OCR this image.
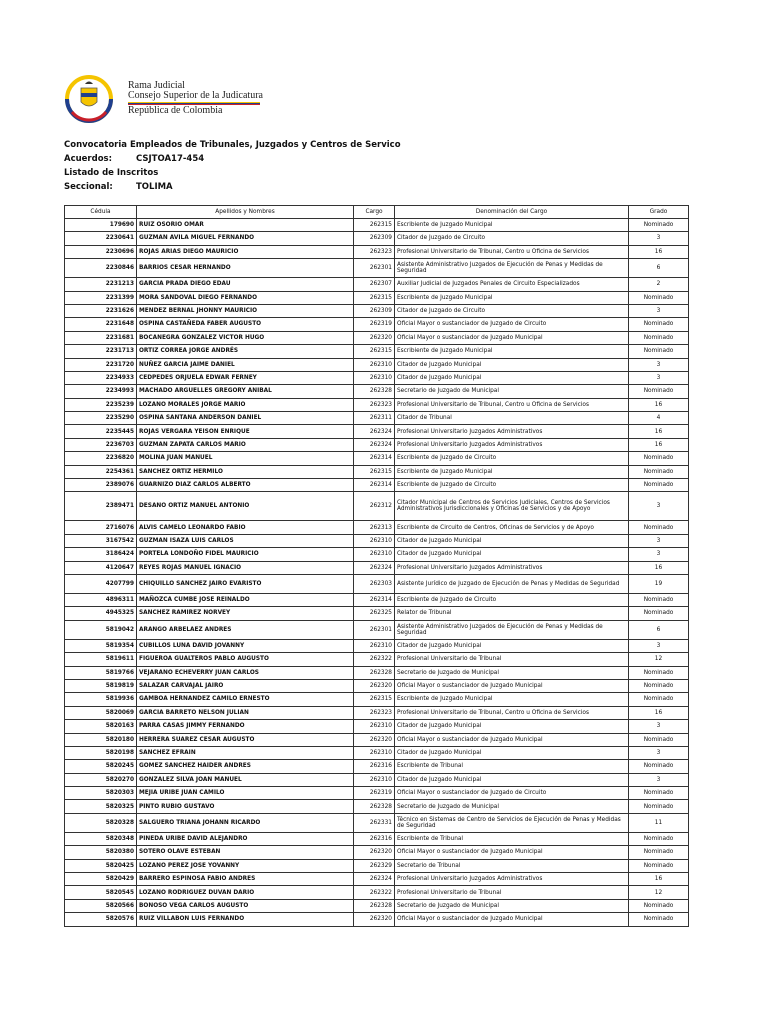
Rama Judicial
Consejo Superior de la Judicatura
República de Colombia
Convocatoria Empleados de Tribunales, Juzgados y Centros de Servico
Acuerdos:	CSJTOA17-454
Listado de Inscritos
Seccional:	TOLIMA
Cédula	Apellidos y Nombres	Cargo	Denominación del Cargo	Grado
179690	RUIZ OSORIO OMAR	262315	Escribiente de Juzgado Municipal	Nominado
2230641	GUZMAN AVILA MIGUEL FERNANDO	262309	Citador de Juzgado de Circuito	3
2230696	ROJAS ARIAS DIEGO MAURICIO	262323	Profesional Universitario de Tribunal, Centro u Oficina de Servicios	16
2230846	BARRIOS CESAR HERNANDO	262301	Asistente Administrativo Juzgados de Ejecución de Penas y Medidas de Seguridad	6
2231213	GARCIA PRADA DIEGO EDAU	262307	Auxiliar Judicial de Juzgados Penales de Circuito Especializados	2
2231399	MORA SANDOVAL DIEGO FERNANDO	262315	Escribiente de Juzgado Municipal	Nominado
2231626	MENDEZ BERNAL JHONNY MAURICIO	262309	Citador de Juzgado de Circuito	3
2231648	OSPINA CASTAÑEDA FABER AUGUSTO	262319	Oficial Mayor o sustanciador de Juzgado de Circuito	Nominado
2231681	BOCANEGRA GONZALEZ VICTOR HUGO	262320	Oficial Mayor o sustanciador de Juzgado Municipal	Nominado
2231713	ORTIZ CORREA JORGE ANDRÉS	262315	Escribiente de Juzgado Municipal	Nominado
2231720	NUÑEZ GARCIA JAIME DANIEL	262310	Citador de Juzgado Municipal	3
2234933	CEDPEDES ORJUELA EDWAR FERNEY	262310	Citador de Juzgado Municipal	3
2234993	MACHADO ARGUELLES GREGORY ANIBAL	262328	Secretario de Juzgado de Municipal	Nominado
2235239	LOZANO MORALES JORGE MARIO	262323	Profesional Universitario de Tribunal, Centro u Oficina de Servicios	16
2235290	OSPINA SANTANA ANDERSON DANIEL	262311	Citador de Tribunal	4
2235445	ROJAS VERGARA YEISON ENRIQUE	262324	Profesional Universitario Juzgados Administrativos	16
2236703	GUZMAN ZAPATA CARLOS MARIO	262324	Profesional Universitario Juzgados Administrativos	16
2236820	MOLINA JUAN MANUEL	262314	Escribiente de Juzgado de Circuito	Nominado
2254361	SANCHEZ ORTIZ HERMILO	262315	Escribiente de Juzgado Municipal	Nominado
2389076	GUARNIZO DIAZ CARLOS ALBERTO	262314	Escribiente de Juzgado de Circuito	Nominado
2389471	DESANO ORTIZ MANUEL ANTONIO	262312	Citador Municipal de Centros de Servicios Judiciales, Centros de Servicios Administrativos Jurisdiccionales y Oficinas de Servicios y de Apoyo	3
2716076	ALVIS CAMELO LEONARDO FABIO	262313	Escribiente de Circuito de Centros, Oficinas de Servicios y de Apoyo	Nominado
3167542	GUZMAN ISAZA LUIS CARLOS	262310	Citador de Juzgado Municipal	3
3186424	PORTELA LONDOÑO FIDEL MAURICIO	262310	Citador de Juzgado Municipal	3
4120647	REYES ROJAS MANUEL IGNACIO	262324	Profesional Universitario Juzgados Administrativos	16
4207799	CHIQUILLO SANCHEZ JAIRO EVARISTO	262303	Asistente Jurídico de Juzgado de Ejecución de Penas y Medidas de Seguridad	19
4896311	MAÑOZCA CUMBE JOSE REINALDO	262314	Escribiente de Juzgado de Circuito	Nominado
4945325	SANCHEZ RAMIREZ NORVEY	262325	Relator de Tribunal	Nominado
5819042	ARANGO ARBELAEZ ANDRES	262301	Asistente Administrativo Juzgados de Ejecución de Penas y Medidas de Seguridad	6
5819354	CUBILLOS LUNA DAVID JOVANNY	262310	Citador de Juzgado Municipal	3
5819611	FIGUEROA GUALTEROS PABLO AUGUSTO	262322	Profesional Universitario de Tribunal	12
5819766	VEJARANO ECHEVERRY JUAN CARLOS	262328	Secretario de Juzgado de Municipal	Nominado
5819819	SALAZAR CARVAJAL JAIRO	262320	Oficial Mayor o sustanciador de Juzgado Municipal	Nominado
5819936	GAMBOA HERNANDEZ CAMILO ERNESTO	262315	Escribiente de Juzgado Municipal	Nominado
5820069	GARCIA BARRETO NELSON JULIAN	262323	Profesional Universitario de Tribunal, Centro u Oficina de Servicios	16
5820163	PARRA CASAS JIMMY FERNANDO	262310	Citador de Juzgado Municipal	3
5820180	HERRERA SUAREZ CESAR AUGUSTO	262320	Oficial Mayor o sustanciador de Juzgado Municipal	Nominado
5820198	SANCHEZ EFRAIN	262310	Citador de Juzgado Municipal	3
5820245	GOMEZ SANCHEZ HAIDER ANDRES	262316	Escribiente de Tribunal	Nominado
5820270	GONZALEZ SILVA JOAN MANUEL	262310	Citador de Juzgado Municipal	3
5820303	MEJIA URIBE JUAN CAMILO	262319	Oficial Mayor o sustanciador de Juzgado de Circuito	Nominado
5820325	PINTO RUBIO GUSTAVO	262328	Secretario de Juzgado de Municipal	Nominado
5820328	SALGUERO TRIANA JOHANN RICARDO	262331	Técnico en Sistemas de Centro de Servicios de Ejecución de Penas y Medidas de Seguridad	11
5820348	PINEDA URIBE DAVID ALEJANDRO	262316	Escribiente de Tribunal	Nominado
5820380	SOTERO OLAVE ESTEBAN	262320	Oficial Mayor o sustanciador de Juzgado Municipal	Nominado
5820425	LOZANO PEREZ JOSE YOVANNY	262329	Secretario de Tribunal	Nominado
5820429	BARRERO ESPINOSA FABIO ANDRES	262324	Profesional Universitario Juzgados Administrativos	16
5820545	LOZANO RODRIGUEZ DUVAN DARIO	262322	Profesional Universitario de Tribunal	12
5820566	BONOSO VEGA CARLOS AUGUSTO	262328	Secretario de Juzgado de Municipal	Nominado
5820576	RUIZ VILLABON LUIS FERNANDO	262320	Oficial Mayor o sustanciador de Juzgado Municipal	Nominado
